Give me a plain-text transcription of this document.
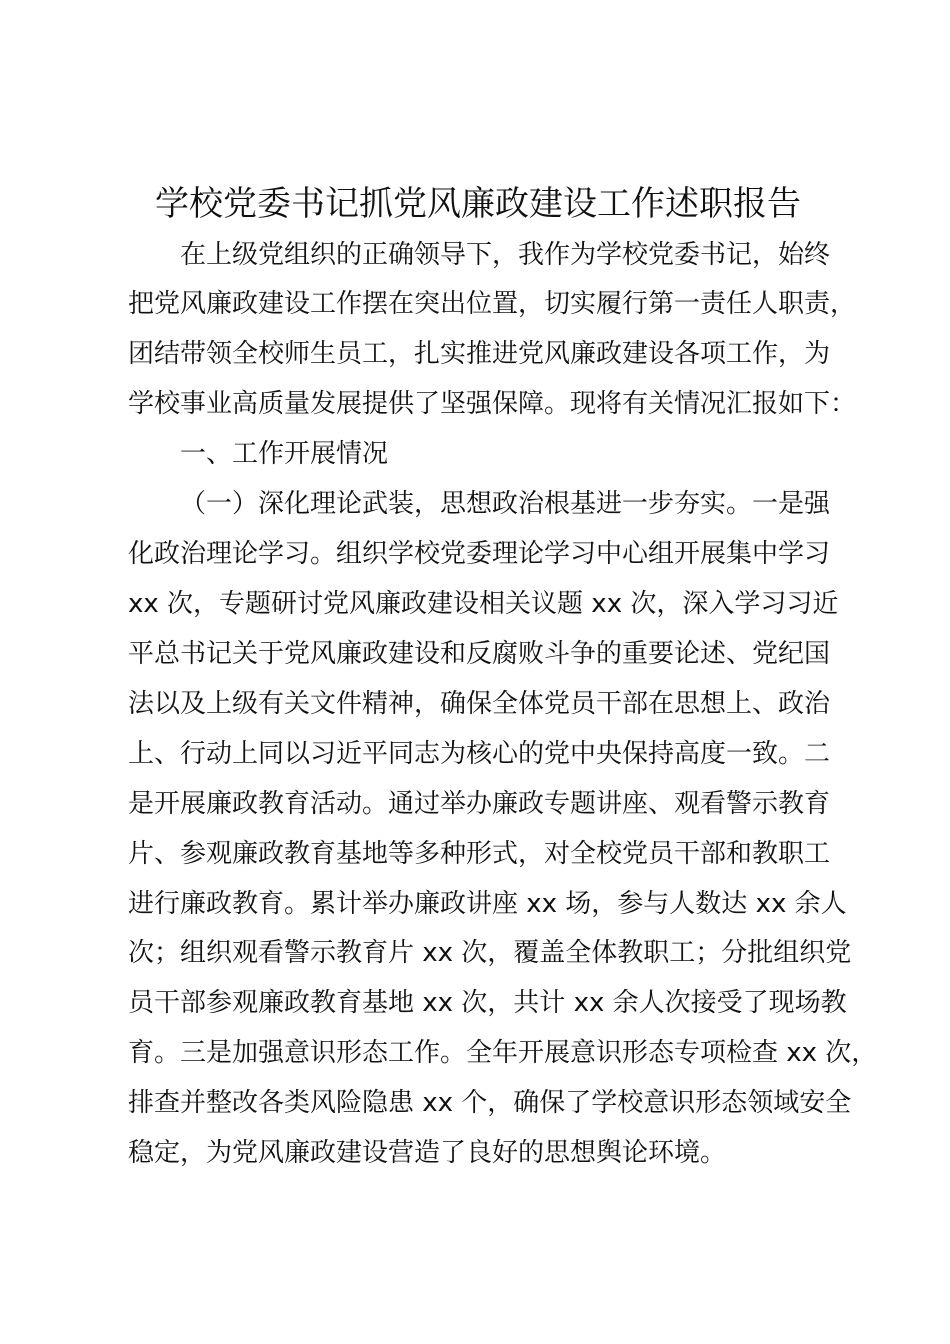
学校党委书记抓党风廉政建设工作述职报告
在上级党组织的正确领导下，我作为学校党委书记，始终
把党风廉政建设工作摆在突出位置，切实履行第一责任人职责，
团结带领全校师生员工，扎实推进党风廉政建设各项工作，为
学校事业高质量发展提供了坚强保障。现将有关情况汇报如下：
一、工作开展情况
（一）深化理论武装，思想政治根基进一步夯实。一是强
化政治理论学习。组织学校党委理论学习中心组开展集中学习
xx 次，专题研讨党风廉政建设相关议题 xx 次，深入学习习近
平总书记关于党风廉政建设和反腐败斗争的重要论述、党纪国
法以及上级有关文件精神，确保全体党员干部在思想上、政治
上、行动上同以习近平同志为核心的党中央保持高度一致。二
是开展廉政教育活动。通过举办廉政专题讲座、观看警示教育
片、参观廉政教育基地等多种形式，对全校党员干部和教职工
进行廉政教育。累计举办廉政讲座 xx 场，参与人数达 xx 余人
次；组织观看警示教育片 xx 次，覆盖全体教职工；分批组织党
员干部参观廉政教育基地 xx 次，共计 xx 余人次接受了现场教
育。三是加强意识形态工作。全年开展意识形态专项检查 xx 次，
排查并整改各类风险隐患 xx 个，确保了学校意识形态领域安全
稳定，为党风廉政建设营造了良好的思想舆论环境。
